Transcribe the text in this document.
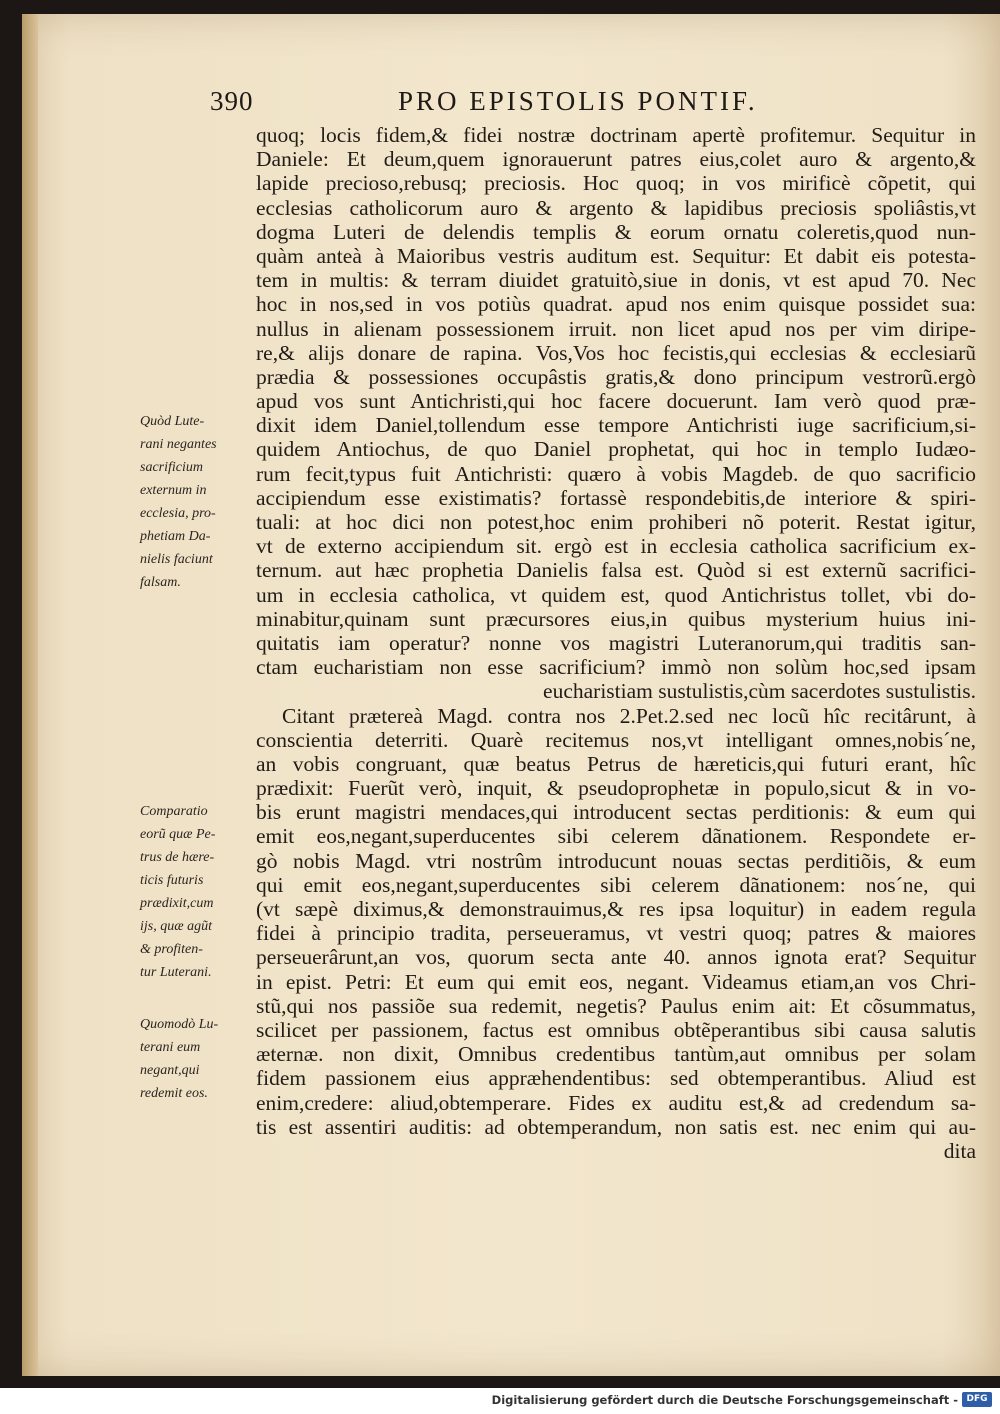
390	PRO EPISTOLIS PONTIF.
quoq; locis fidem,& fidei nostræ doctrinam apertè profitemur. Sequitur in
Daniele: Et deum,quem ignorauerunt patres eius,colet auro & argento,&
lapide precioso,rebusq; preciosis. Hoc quoq; in vos mirificè cõpetit, qui
ecclesias catholicorum auro & argento & lapidibus preciosis spoliâstis,vt
dogma Luteri de delendis templis & eorum ornatu coleretis,quod nun-
quàm anteà à Maioribus vestris auditum est. Sequitur: Et dabit eis potesta-
tem in multis: & terram diuidet gratuitò,siue in donis, vt est apud 70. Nec
hoc in nos,sed in vos potiùs quadrat. apud nos enim quisque possidet sua:
nullus in alienam possessionem irruit. non licet apud nos per vim diripe-
re,& alijs donare de rapina. Vos,Vos hoc fecistis,qui ecclesias & ecclesiarũ
prædia & possessiones occupâstis gratis,& dono principum vestrorũ.ergò
apud vos sunt Antichristi,qui hoc facere docuerunt. Iam verò quod præ-
dixit idem Daniel,tollendum esse tempore Antichristi iuge sacrificium,si-
quidem Antiochus, de quo Daniel prophetat, qui hoc in templo Iudæo-
rum fecit,typus fuit Antichristi: quæro à vobis Magdeb. de quo sacrificio
accipiendum esse existimatis? fortassè respondebitis,de interiore & spiri-
tuali: at hoc dici non potest,hoc enim prohiberi nõ poterit. Restat igitur,
vt de externo accipiendum sit. ergò est in ecclesia catholica sacrificium ex-
ternum. aut hæc prophetia Danielis falsa est. Quòd si est externũ sacrifici-
um in ecclesia catholica, vt quidem est, quod Antichristus tollet, vbi do-
minabitur,quinam sunt præcursores eius,in quibus mysterium huius ini-
quitatis iam operatur? nonne vos magistri Luteranorum,qui traditis san-
ctam eucharistiam non esse sacrificium? immò non solùm hoc,sed ipsam
eucharistiam sustulistis,cùm sacerdotes sustulistis.
Citant prætereà Magd. contra nos 2.Pet.2.sed nec locũ hîc recitârunt, à
conscientia deterriti. Quarè recitemus nos,vt intelligant omnes,nobis´ne,
an vobis congruant, quæ beatus Petrus de hæreticis,qui futuri erant, hîc
prædixit: Fuerũt verò, inquit, & pseudoprophetæ in populo,sicut & in vo-
bis erunt magistri mendaces,qui introducent sectas perditionis: & eum qui
emit eos,negant,superducentes sibi celerem dãnationem. Respondete er-
gò nobis Magd. vtri nostrûm introducunt nouas sectas perditiõis, & eum
qui emit eos,negant,superducentes sibi celerem dãnationem: nos´ne, qui
(vt sæpè diximus,& demonstrauimus,& res ipsa loquitur) in eadem regula
fidei à principio tradita, perseueramus, vt vestri quoq; patres & maiores
perseuerârunt,an vos, quorum secta ante 40. annos ignota erat? Sequitur
in epist. Petri: Et eum qui emit eos, negant. Videamus etiam,an vos Chri-
stũ,qui nos passiõe sua redemit, negetis? Paulus enim ait: Et cõsummatus,
scilicet per passionem, factus est omnibus obtẽperantibus sibi causa salutis
æternæ. non dixit, Omnibus credentibus tantùm,aut omnibus per solam
fidem passionem eius appræhendentibus: sed obtemperantibus. Aliud est
enim,credere: aliud,obtemperare. Fides ex auditu est,& ad credendum sa-
tis est assentiri auditis: ad obtemperandum, non satis est. nec enim qui au-
dita
Quòd Lute-
rani negantes
sacrificium
externum in
ecclesia, pro-
phetiam Da-
nielis faciunt
falsam.
Comparatio
eorũ quæ Pe-
trus de hære-
ticis futuris
prædixit,cum
ijs, quæ agũt
& profiten-
tur Luterani.
Quomodò Lu-
terani eum
negant,qui
redemit eos.
Digitalisierung gefördert durch die Deutsche Forschungsgemeinschaft - DFG
